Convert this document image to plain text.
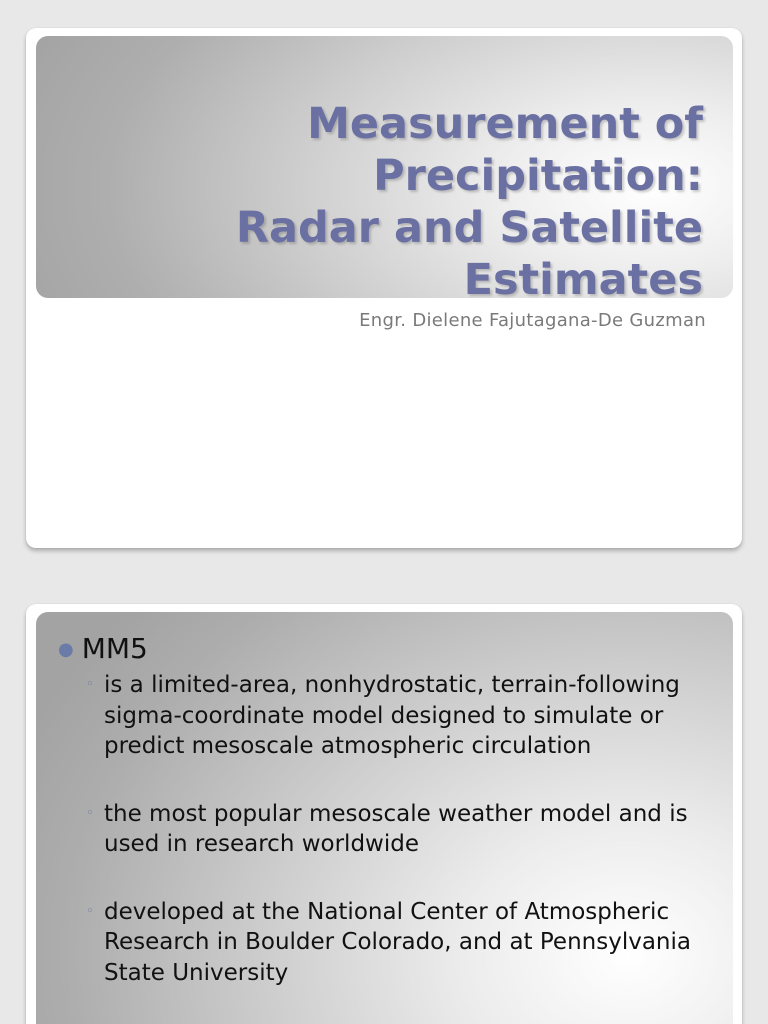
Measurement of
Precipitation:
Radar and Satellite
Estimates

Engr. Dielene Fajutagana-De Guzman

● MM5
◦ is a limited-area, nonhydrostatic, terrain-following sigma-coordinate model designed to simulate or predict mesoscale atmospheric circulation
◦ the most popular mesoscale weather model and is used in research worldwide
◦ developed at the National Center of Atmospheric Research in Boulder Colorado, and at Pennsylvania State University
